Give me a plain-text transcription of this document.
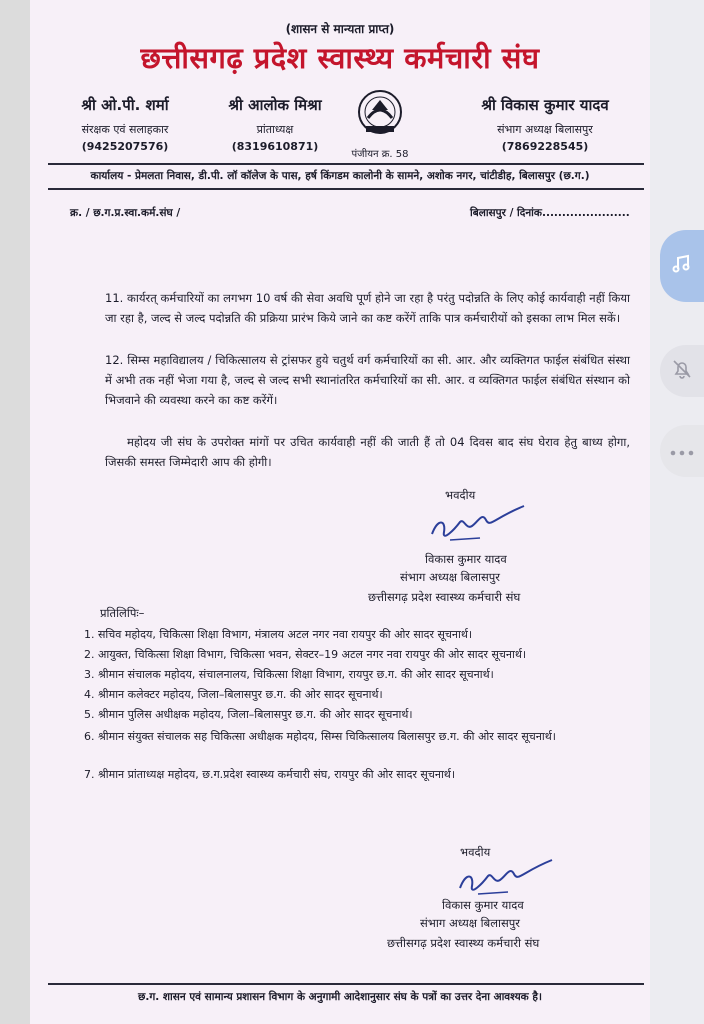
(शासन से मान्यता प्राप्त)
छत्तीसगढ़ प्रदेश स्वास्थ्य कर्मचारी संघ
श्री ओ.पी. शर्मा
संरक्षक एवं सलाहकार
(9425207576)
श्री आलोक मिश्रा
प्रांताध्यक्ष
(8319610871)
पंजीयन क्र. 58
श्री विकास कुमार यादव
संभाग अध्यक्ष बिलासपुर
(7869228545)
कार्यालय - प्रेमलता निवास, डी.पी. लॉ कॉलेज के पास, हर्ष किंगडम कालोनी के सामने, अशोक नगर, चांटीडीह, बिलासपुर (छ.ग.)
क्र. / छ.ग.प्र.स्वा.कर्म.संघ /	बिलासपुर / दिनांक......................
11. कार्यरत् कर्मचारियों का लगभग 10 वर्ष की सेवा अवधि पूर्ण होने जा रहा है परंतु पदोन्नति के लिए कोई कार्यवाही नहीं किया जा रहा है, जल्द से जल्द पदोन्नति की प्रक्रिया प्रारंभ किये जाने का कष्ट करेंगें ताकि पात्र कर्मचारीयों को इसका लाभ मिल सकें।
12. सिम्स महाविद्यालय / चिकित्सालय से ट्रांसफर हुये चतुर्थ वर्ग कर्मचारियों का सी. आर. और व्यक्तिगत फाईल संबंधित संस्था में अभी तक नहीं भेजा गया है, जल्द से जल्द सभी स्थानांतरित कर्मचारियों का सी. आर. व व्यक्तिगत फाईल संबंधित संस्थान को भिजवाने की व्यवस्था करने का कष्ट करेंगें।
महोदय जी संघ के उपरोक्त मांगों पर उचित कार्यवाही नहीं की जाती हैं तो 04 दिवस बाद संघ घेराव हेतु बाध्य होगा, जिसकी समस्त जिम्मेदारी आप की होगी।
भवदीय
विकास कुमार यादव
संभाग अध्यक्ष बिलासपुर
छत्तीसगढ़ प्रदेश स्वास्थ्य कर्मचारी संघ
प्रतिलिपिः–
1. सचिव महोदय, चिकित्सा शिक्षा विभाग, मंत्रालय अटल नगर नवा रायपुर की ओर सादर सूचनार्थ।
2. आयुक्त, चिकित्सा शिक्षा विभाग, चिकित्सा भवन, सेक्टर–19 अटल नगर नवा रायपुर की ओर सादर सूचनार्थ।
3. श्रीमान संचालक महोदय, संचालनालय, चिकित्सा शिक्षा विभाग, रायपुर छ.ग. की ओर सादर सूचनार्थ।
4. श्रीमान कलेक्टर महोदय, जिला–बिलासपुर छ.ग. की ओर सादर सूचनार्थ।
5. श्रीमान पुलिस अधीक्षक महोदय, जिला–बिलासपुर छ.ग. की ओर सादर सूचनार्थ।
6. श्रीमान संयुक्त संचालक सह चिकित्सा अधीक्षक महोदय, सिम्स चिकित्सालय बिलासपुर छ.ग. की ओर सादर सूचनार्थ।
7. श्रीमान प्रांताध्यक्ष महोदय, छ.ग.प्रदेश स्वास्थ्य कर्मचारी संघ, रायपुर की ओर सादर सूचनार्थ।
भवदीय
विकास कुमार यादव
संभाग अध्यक्ष बिलासपुर
छत्तीसगढ़ प्रदेश स्वास्थ्य कर्मचारी संघ
छ.ग. शासन एवं सामान्य प्रशासन विभाग के अनुगामी आदेशानुसार संघ के पत्रों का उत्तर देना आवश्यक है।
